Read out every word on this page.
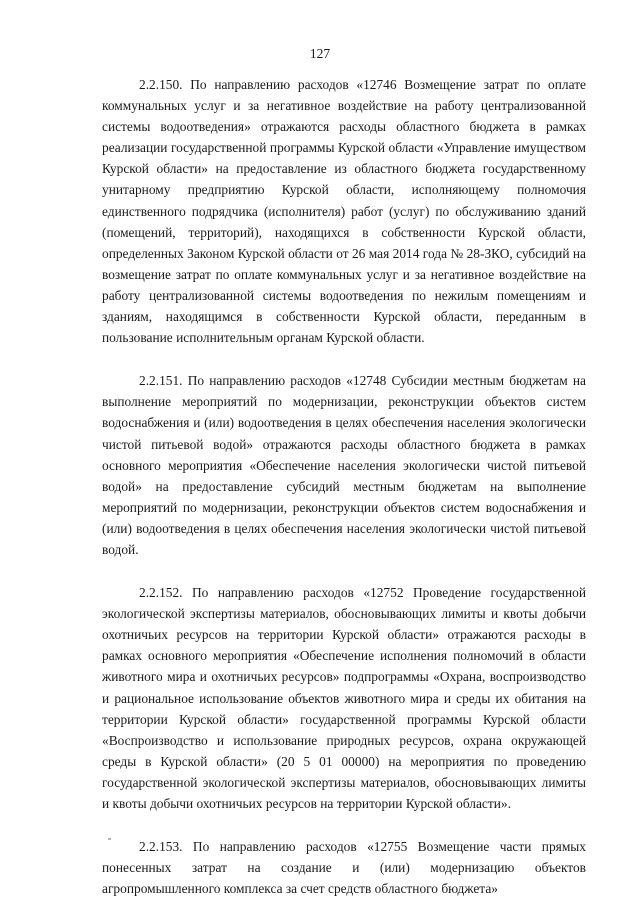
127

2.2.150. По направлению расходов «12746 Возмещение затрат по оплате коммунальных услуг и за негативное воздействие на работу централизованной системы водоотведения» отражаются расходы областного бюджета в рамках реализации государственной программы Курской области «Управление имуществом Курской области» на предоставление из областного бюджета государственному унитарному предприятию Курской области, исполняющему полномочия единственного подрядчика (исполнителя) работ (услуг) по обслуживанию зданий (помещений, территорий), находящихся в собственности Курской области, определенных Законом Курской области от 26 мая 2014 года № 28-ЗКО, субсидий на возмещение затрат по оплате коммунальных услуг и за негативное воздействие на работу централизованной системы водоотведения по нежилым помещениям и зданиям, находящимся в собственности Курской области, переданным в пользование исполнительным органам Курской области.

2.2.151. По направлению расходов «12748 Субсидии местным бюджетам на выполнение мероприятий по модернизации, реконструкции объектов систем водоснабжения и (или) водоотведения в целях обеспечения населения экологически чистой питьевой водой» отражаются расходы областного бюджета в рамках основного мероприятия «Обеспечение населения экологически чистой питьевой водой» на предоставление субсидий местным бюджетам на выполнение мероприятий по модернизации, реконструкции объектов систем водоснабжения и (или) водоотведения в целях обеспечения населения экологически чистой питьевой водой.

2.2.152. По направлению расходов «12752 Проведение государственной экологической экспертизы материалов, обосновывающих лимиты и квоты добычи охотничьих ресурсов на территории Курской области» отражаются расходы в рамках основного мероприятия «Обеспечение исполнения полномочий в области животного мира и охотничьих ресурсов» подпрограммы «Охрана, воспроизводство и рациональное использование объектов животного мира и среды их обитания на территории Курской области» государственной программы Курской области «Воспроизводство и использование природных ресурсов, охрана окружающей среды в Курской области» (20 5 01 00000) на мероприятия по проведению государственной экологической экспертизы материалов, обосновывающих лимиты и квоты добычи охотничьих ресурсов на территории Курской области».

2.2.153. По направлению расходов «12755 Возмещение части прямых понесенных затрат на создание и (или) модернизацию объектов агропромышленного комплекса за счет средств областного бюджета»
